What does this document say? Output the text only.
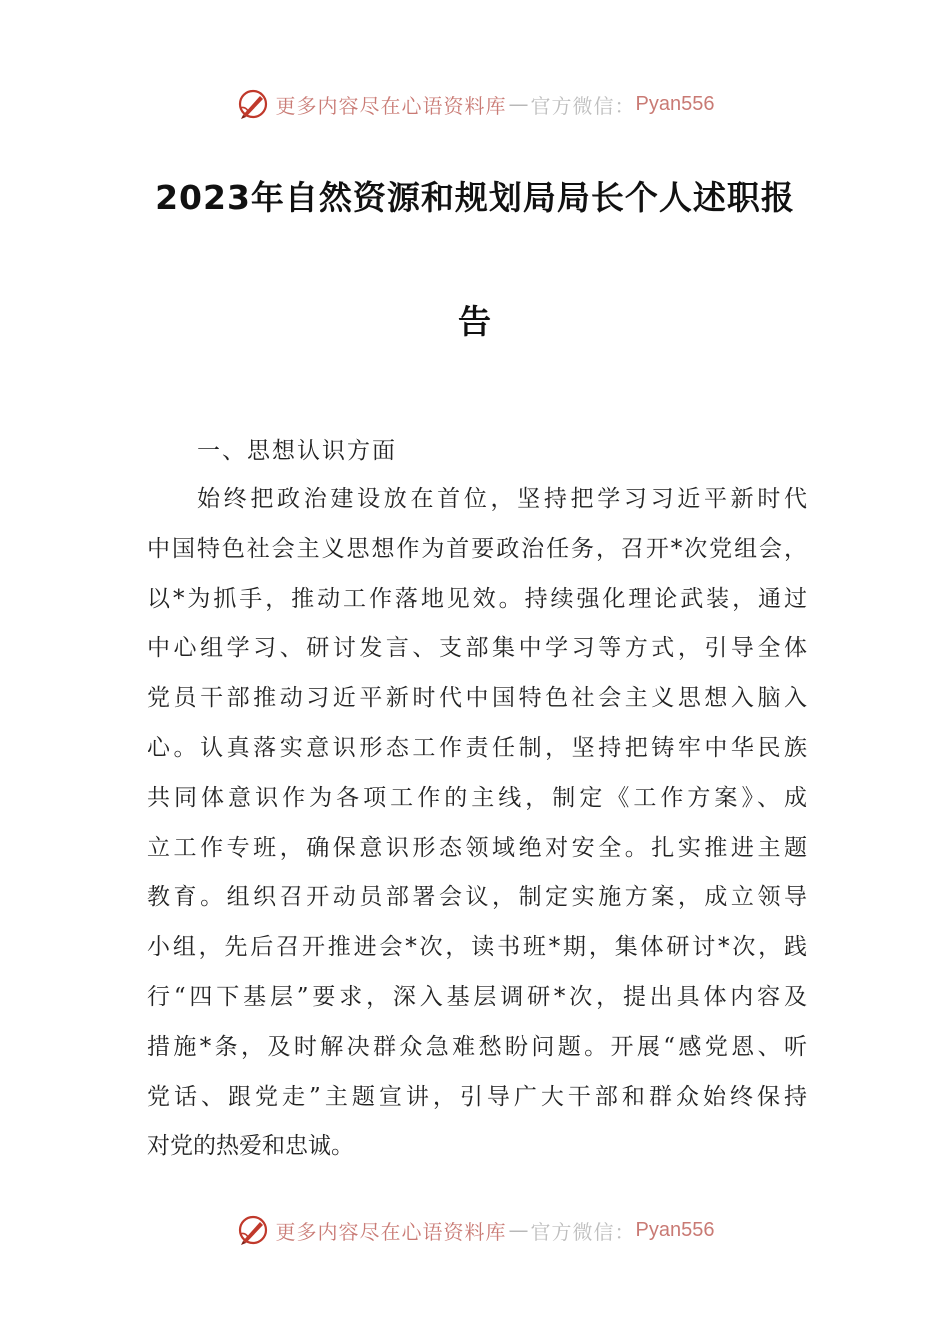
更多内容尽在心语资料库 — 官方微信： Pyan556
2023年自然资源和规划局局长个人述职报
告
一、思想认识方面
始终把政治建设放在首位，坚持把学习习近平新时代
中国特色社会主义思想作为首要政治任务，召开*次党组会，
以*为抓手，推动工作落地见效。持续强化理论武装，通过
中心组学习、研讨发言、支部集中学习等方式，引导全体
党员干部推动习近平新时代中国特色社会主义思想入脑入
心。认真落实意识形态工作责任制，坚持把铸牢中华民族
共同体意识作为各项工作的主线，制定《工作方案》、成
立工作专班，确保意识形态领域绝对安全。扎实推进主题
教育。组织召开动员部署会议，制定实施方案，成立领导
小组，先后召开推进会*次，读书班*期，集体研讨*次，践
行“四下基层”要求，深入基层调研*次，提出具体内容及
措施*条，及时解决群众急难愁盼问题。开展“感党恩、听
党话、跟党走”主题宣讲，引导广大干部和群众始终保持
对党的热爱和忠诚。
更多内容尽在心语资料库 — 官方微信： Pyan556
